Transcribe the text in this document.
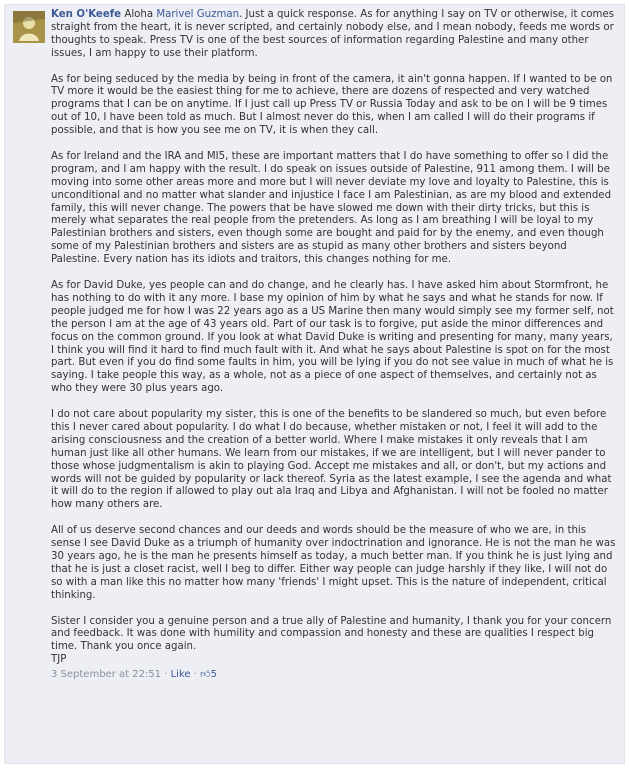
Ken O'Keefe Aloha Marivel Guzman. Just a quick response. As for anything I say on TV or otherwise, it comes straight from the heart, it is never scripted, and certainly nobody else, and I mean nobody, feeds me words or thoughts to speak. Press TV is one of the best sources of information regarding Palestine and many other issues, I am happy to use their platform.

As for being seduced by the media by being in front of the camera, it ain't gonna happen. If I wanted to be on TV more it would be the easiest thing for me to achieve, there are dozens of respected and very watched programs that I can be on anytime. If I just call up Press TV or Russia Today and ask to be on I will be 9 times out of 10, I have been told as much. But I almost never do this, when I am called I will do their programs if possible, and that is how you see me on TV, it is when they call.

As for Ireland and the IRA and MI5, these are important matters that I do have something to offer so I did the program, and I am happy with the result. I do speak on issues outside of Palestine, 911 among them. I will be moving into some other areas more and more but I will never deviate my love and loyalty to Palestine, this is unconditional and no matter what slander and injustice I face I am Palestinian, as are my blood and extended family, this will never change. The powers that be have slowed me down with their dirty tricks, but this is merely what separates the real people from the pretenders. As long as I am breathing I will be loyal to my Palestinian brothers and sisters, even though some are bought and paid for by the enemy, and even though some of my Palestinian brothers and sisters are as stupid as many other brothers and sisters beyond Palestine. Every nation has its idiots and traitors, this changes nothing for me.

As for David Duke, yes people can and do change, and he clearly has. I have asked him about Stormfront, he has nothing to do with it any more. I base my opinion of him by what he says and what he stands for now. If people judged me for how I was 22 years ago as a US Marine then many would simply see my former self, not the person I am at the age of 43 years old. Part of our task is to forgive, put aside the minor differences and focus on the common ground. If you look at what David Duke is writing and presenting for many, many years, I think you will find it hard to find much fault with it. And what he says about Palestine is spot on for the most part. But even if you do find some faults in him, you will be lying if you do not see value in much of what he is saying. I take people this way, as a whole, not as a piece of one aspect of themselves, and certainly not as who they were 30 plus years ago.

I do not care about popularity my sister, this is one of the benefits to be slandered so much, but even before this I never cared about popularity. I do what I do because, whether mistaken or not, I feel it will add to the arising consciousness and the creation of a better world. Where I make mistakes it only reveals that I am human just like all other humans. We learn from our mistakes, if we are intelligent, but I will never pander to those whose judgmentalism is akin to playing God. Accept me mistakes and all, or don't, but my actions and words will not be guided by popularity or lack thereof. Syria as the latest example, I see the agenda and what it will do to the region if allowed to play out ala Iraq and Libya and Afghanistan. I will not be fooled no matter how many others are.

All of us deserve second chances and our deeds and words should be the measure of who we are, in this sense I see David Duke as a triumph of humanity over indoctrination and ignorance. He is not the man he was 30 years ago, he is the man he presents himself as today, a much better man. If you think he is just lying and that he is just a closet racist, well I beg to differ. Either way people can judge harshly if they like, I will not do so with a man like this no matter how many 'friends' I might upset. This is the nature of independent, critical thinking.

Sister I consider you a genuine person and a true ally of Palestine and humanity, I thank you for your concern and feedback. It was done with humility and compassion and honesty and these are qualities I respect big time. Thank you once again.
TJP

3 September at 22:51 · Like · 👍︎5
